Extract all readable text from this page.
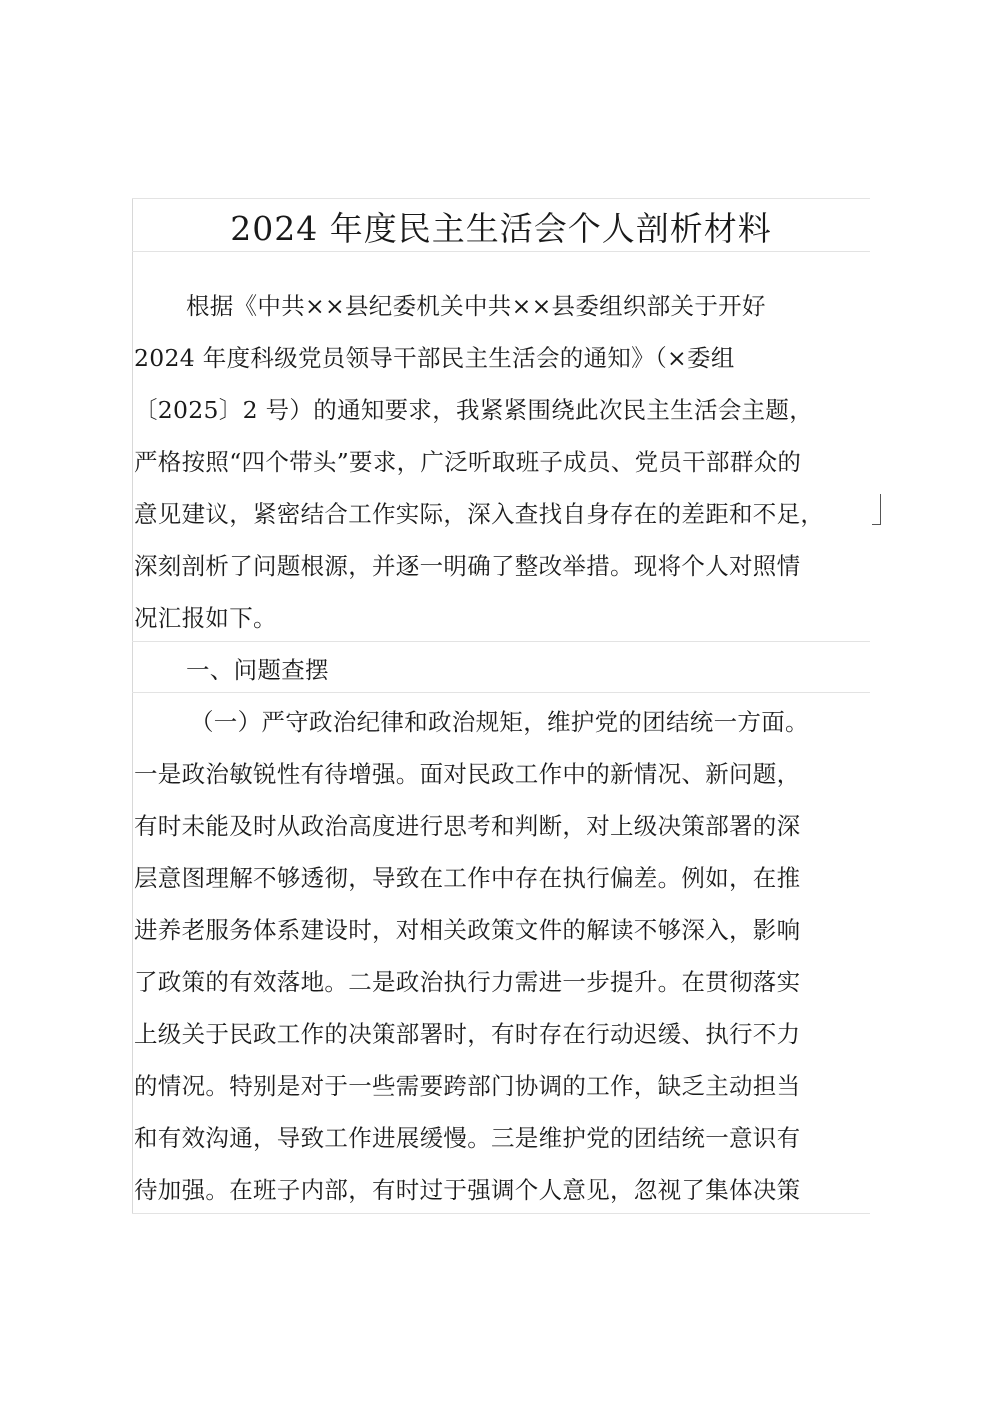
2024 年度民主生活会个人剖析材料
根据《中共××县纪委机关中共××县委组织部关于开好
2024 年度科级党员领导干部民主生活会的通知》（×委组
〔2025〕2 号）的通知要求，我紧紧围绕此次民主生活会主题，
严格按照“四个带头”要求，广泛听取班子成员、党员干部群众的
意见建议，紧密结合工作实际，深入查找自身存在的差距和不足，
深刻剖析了问题根源，并逐一明确了整改举措。现将个人对照情
况汇报如下。
一、问题查摆
（一）严守政治纪律和政治规矩，维护党的团结统一方面。
一是政治敏锐性有待增强。面对民政工作中的新情况、新问题，
有时未能及时从政治高度进行思考和判断，对上级决策部署的深
层意图理解不够透彻，导致在工作中存在执行偏差。例如，在推
进养老服务体系建设时，对相关政策文件的解读不够深入，影响
了政策的有效落地。二是政治执行力需进一步提升。在贯彻落实
上级关于民政工作的决策部署时，有时存在行动迟缓、执行不力
的情况。特别是对于一些需要跨部门协调的工作，缺乏主动担当
和有效沟通，导致工作进展缓慢。三是维护党的团结统一意识有
待加强。在班子内部，有时过于强调个人意见，忽视了集体决策
